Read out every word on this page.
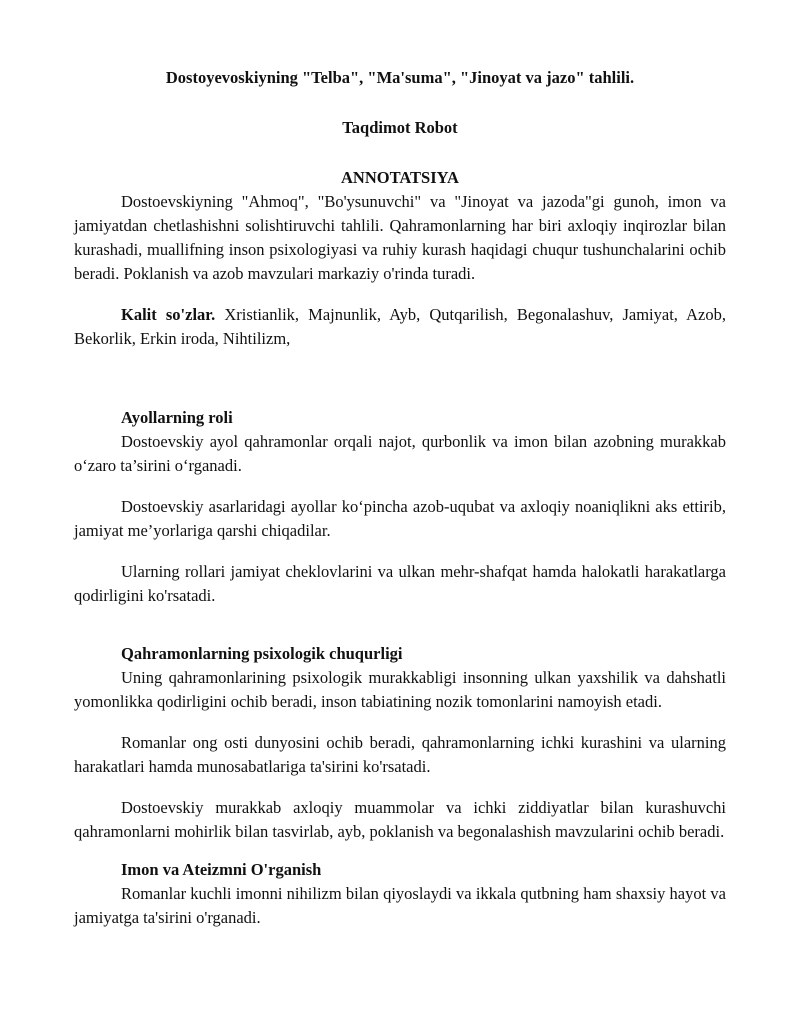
Dostoyevoskiyning "Telba", "Ma'suma", "Jinoyat va jazo" tahlili.

Taqdimot Robot

ANNOTATSIYA

Dostoevskiyning "Ahmoq", "Bo'ysunuvchi" va "Jinoyat va jazoda"gi gunoh, imon va jamiyatdan chetlashishni solishtiruvchi tahlili. Qahramonlarning har biri axloqiy inqirozlar bilan kurashadi, muallifning inson psixologiyasi va ruhiy kurash haqidagi chuqur tushunchalarini ochib beradi. Poklanish va azob mavzulari markaziy o'rinda turadi.

Kalit so'zlar. Xristianlik, Majnunlik, Ayb, Qutqarilish, Begonalashuv, Jamiyat, Azob, Bekorlik, Erkin iroda, Nihtilizm,

Ayollarning roli

Dostoevskiy ayol qahramonlar orqali najot, qurbonlik va imon bilan azobning murakkab o‘zaro ta’sirini o‘rganadi.

Dostoevskiy asarlaridagi ayollar ko‘pincha azob-uqubat va axloqiy noaniqlikni aks ettirib, jamiyat me’yorlariga qarshi chiqadilar.

Ularning rollari jamiyat cheklovlarini va ulkan mehr-shafqat hamda halokatli harakatlarga qodirligini ko'rsatadi.

Qahramonlarning psixologik chuqurligi

Uning qahramonlarining psixologik murakkabligi insonning ulkan yaxshilik va dahshatli yomonlikka qodirligini ochib beradi, inson tabiatining nozik tomonlarini namoyish etadi.

Romanlar ong osti dunyosini ochib beradi, qahramonlarning ichki kurashini va ularning harakatlari hamda munosabatlariga ta'sirini ko'rsatadi.

Dostoevskiy murakkab axloqiy muammolar va ichki ziddiyatlar bilan kurashuvchi qahramonlarni mohirlik bilan tasvirlab, ayb, poklanish va begonalashish mavzularini ochib beradi.

Imon va Ateizmni O'rganish

Romanlar kuchli imonni nihilizm bilan qiyoslaydi va ikkala qutbning ham shaxsiy hayot va jamiyatga ta'sirini o'rganadi.
